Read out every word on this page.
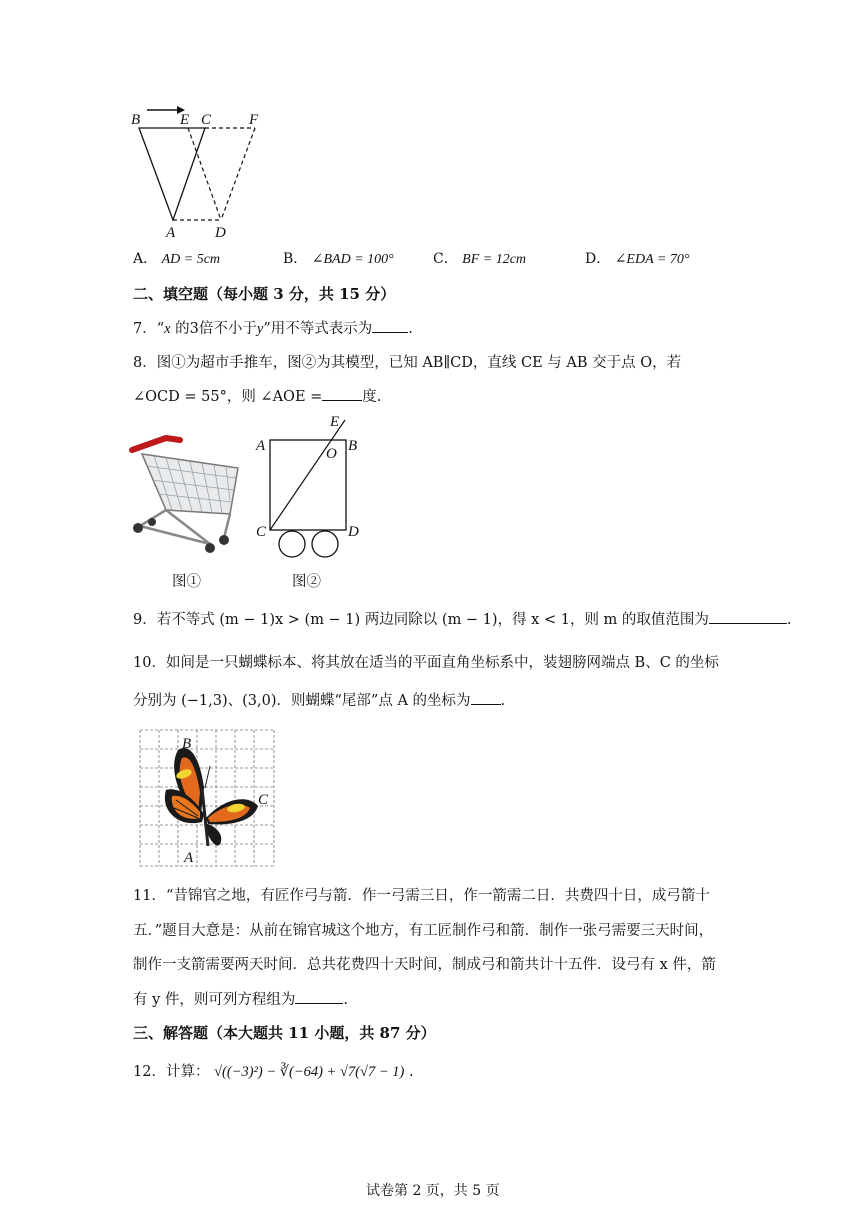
B	E C	F
A	D
A． AD = 5cm	B． ∠BAD = 100°	C． BF = 12cm	D． ∠EDA = 70°
二、填空题（每小题 3 分，共 15 分）
7．“x 的3倍不小于y”用不等式表示为 .
8．图①为超市手推车，图②为其模型，已知 AB∥CD，直线 CE 与 AB 交于点 O，若
∠OCD = 55°，则 ∠AOE =	度.
图①
A	B
E
O
C	D
图②
9．若不等式 (m − 1)x > (m − 1) 两边同除以 (m − 1)，得 x < 1，则 m 的取值范围为	.
10．如间是一只蝴蝶标本、将其放在适当的平面直角坐标系中，装翅膀网端点 B、C 的坐标
分别为 (−1,3)、(3,0)．则蝴蝶“尾部”点 A 的坐标为 .
B
C
A
11．“昔锦官之地，有匠作弓与箭．作一弓需三日，作一箭需二日．共费四十日，成弓箭十
五．”题目大意是：从前在锦官城这个地方，有工匠制作弓和箭．制作一张弓需要三天时间，
制作一支箭需要两天时间．总共花费四十天时间，制成弓和箭共计十五件．设弓有 x 件，箭
有 y 件，则可列方程组为	.
三、解答题（本大题共 11 小题，共 87 分）
12．计算： √((−3)²) − ∛(−64) + √7(√7 − 1) .
试卷第 2 页，共 5 页
